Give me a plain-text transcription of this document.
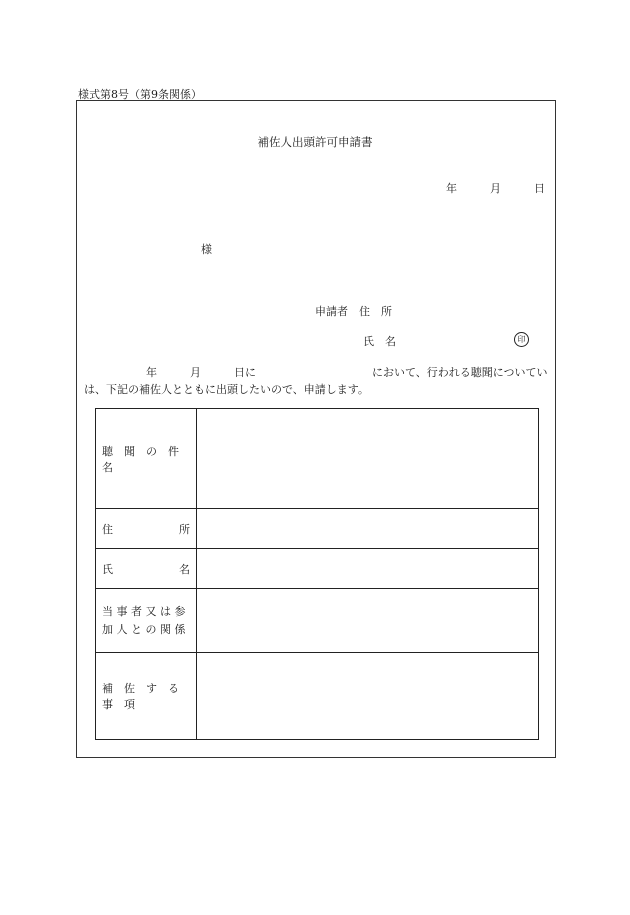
様式第8号（第9条関係）
補佐人出頭許可申請書
年　　　月　　　日
様
申請者　住　所
氏　名	印
年　　　月　　　日に	において、行われる聴聞についてい
は、下記の補佐人とともに出頭したいので、申請します。
聴　聞　の　件　名
住	所
氏	名
当 事 者 又 は 参
加 人 と の 関 係
補　佐　す　る　事　項
